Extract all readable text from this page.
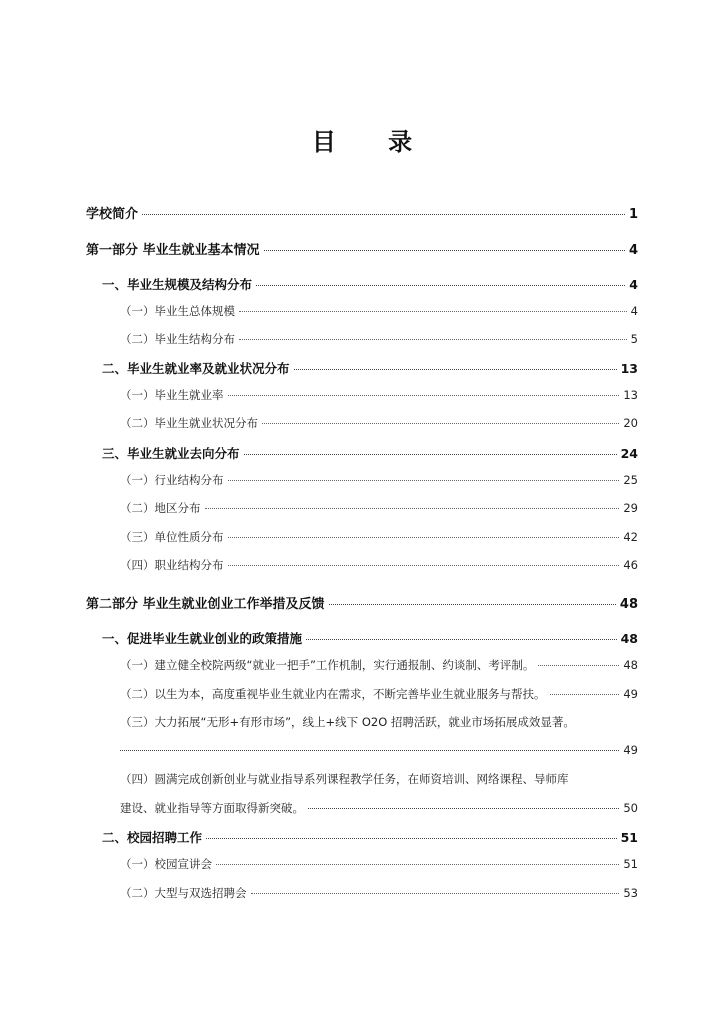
目 录
学校简介	1
第一部分 毕业生就业基本情况	4
一、毕业生规模及结构分布	4
（一）毕业生总体规模	4
（二）毕业生结构分布	5
二、毕业生就业率及就业状况分布	13
（一）毕业生就业率	13
（二）毕业生就业状况分布	20
三、毕业生就业去向分布	24
（一）行业结构分布	25
（二）地区分布	29
（三）单位性质分布	42
（四）职业结构分布	46
第二部分 毕业生就业创业工作举措及反馈	48
一、促进毕业生就业创业的政策措施	48
（一）建立健全校院两级“就业一把手”工作机制，实行通报制、约谈制、考评制。	48
（二）以生为本，高度重视毕业生就业内在需求，不断完善毕业生就业服务与帮扶。	49
（三）大力拓展“无形+有形市场”，线上+线下 O2O 招聘活跃，就业市场拓展成效显著。
49
（四）圆满完成创新创业与就业指导系列课程教学任务，在师资培训、网络课程、导师库
建设、就业指导等方面取得新突破。	50
二、校园招聘工作	51
（一）校园宣讲会	51
（二）大型与双选招聘会	53
